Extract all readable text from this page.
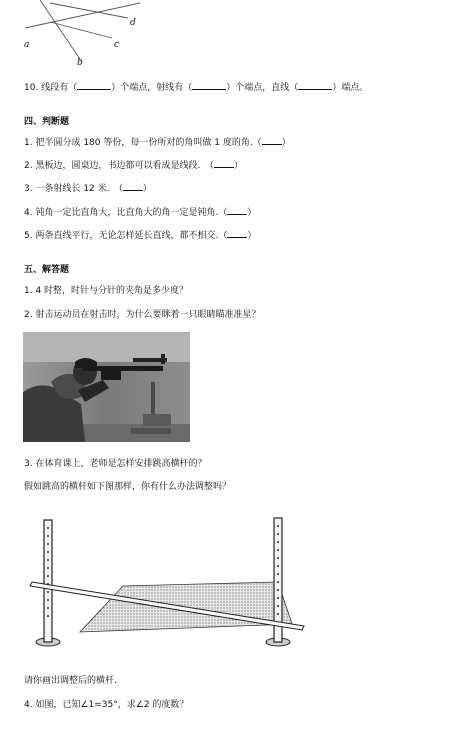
a
b
c
d
10. 线段有（	）个端点，射线有（	）个端点，直线（	）端点。
四、判断题
1. 把半圆分成 180 等份，每一份所对的角叫做 1 度的角.（ ）
2. 黑板边，圆桌边，书边都可以看成是线段.　（ ）
3. 一条射线长 12 米.　（ ）
4. 钝角一定比直角大，比直角大的角一定是钝角.（ ）
5. 两条直线平行，无论怎样延长直线，都不相交.（ ）
五、解答题
1. 4 时整，时针与分针的夹角是多少度？
2. 射击运动员在射击时，为什么要眯着一只眼睛瞄准准星？
3. 在体育课上，老师是怎样安排跳高横杆的？
假如跳高的横杆如下图那样，你有什么办法调整吗？
请你画出调整后的横杆.
4. 如图，已知∠1=35°，求∠2 的度数？
